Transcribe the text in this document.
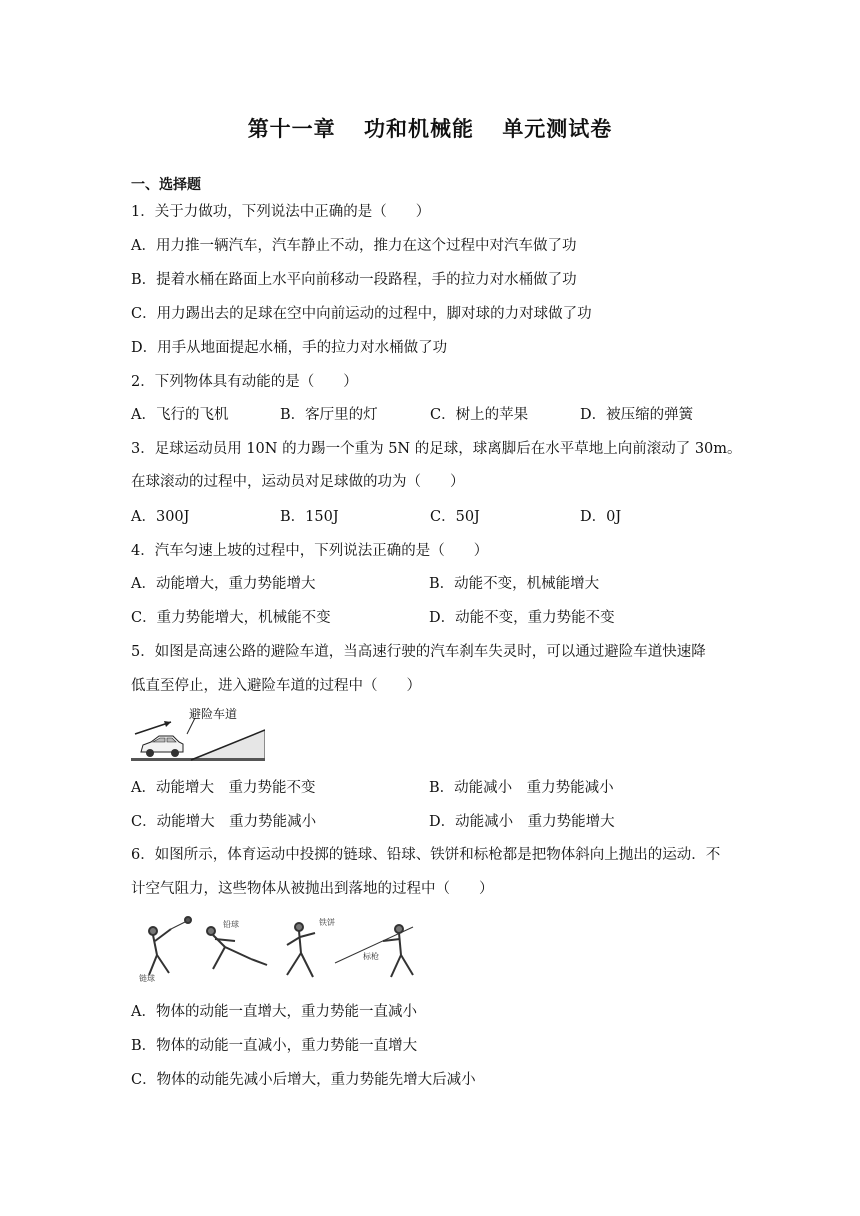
第十一章 功和机械能 单元测试卷
一、选择题
1．关于力做功，下列说法中正确的是（　　）
A．用力推一辆汽车，汽车静止不动，推力在这个过程中对汽车做了功
B．提着水桶在路面上水平向前移动一段路程，手的拉力对水桶做了功
C．用力踢出去的足球在空中向前运动的过程中，脚对球的力对球做了功
D．用手从地面提起水桶，手的拉力对水桶做了功
2．下列物体具有动能的是（　　）
A．飞行的飞机	B．客厅里的灯	C．树上的苹果	D．被压缩的弹簧
3．足球运动员用 10N 的力踢一个重为 5N 的足球，球离脚后在水平草地上向前滚动了 30m。
在球滚动的过程中，运动员对足球做的功为（　　）
A．300J	B．150J	C．50J	D．0J
4．汽车匀速上坡的过程中，下列说法正确的是（　　）
A．动能增大，重力势能增大	B．动能不变，机械能增大
C．重力势能增大，机械能不变	D．动能不变，重力势能不变
5．如图是高速公路的避险车道，当高速行驶的汽车刹车失灵时，可以通过避险车道快速降
低直至停止，进入避险车道的过程中（　　）
避险车道
A．动能增大　重力势能不变	B．动能减小　重力势能减小
C．动能增大　重力势能减小	D．动能减小　重力势能增大
6．如图所示，体育运动中投掷的链球、铅球、铁饼和标枪都是把物体斜向上抛出的运动．不
计空气阻力，这些物体从被抛出到落地的过程中（　　）
链球
铅球	铁饼
标枪
A．物体的动能一直增大，重力势能一直减小
B．物体的动能一直减小，重力势能一直增大
C．物体的动能先减小后增大，重力势能先增大后减小
